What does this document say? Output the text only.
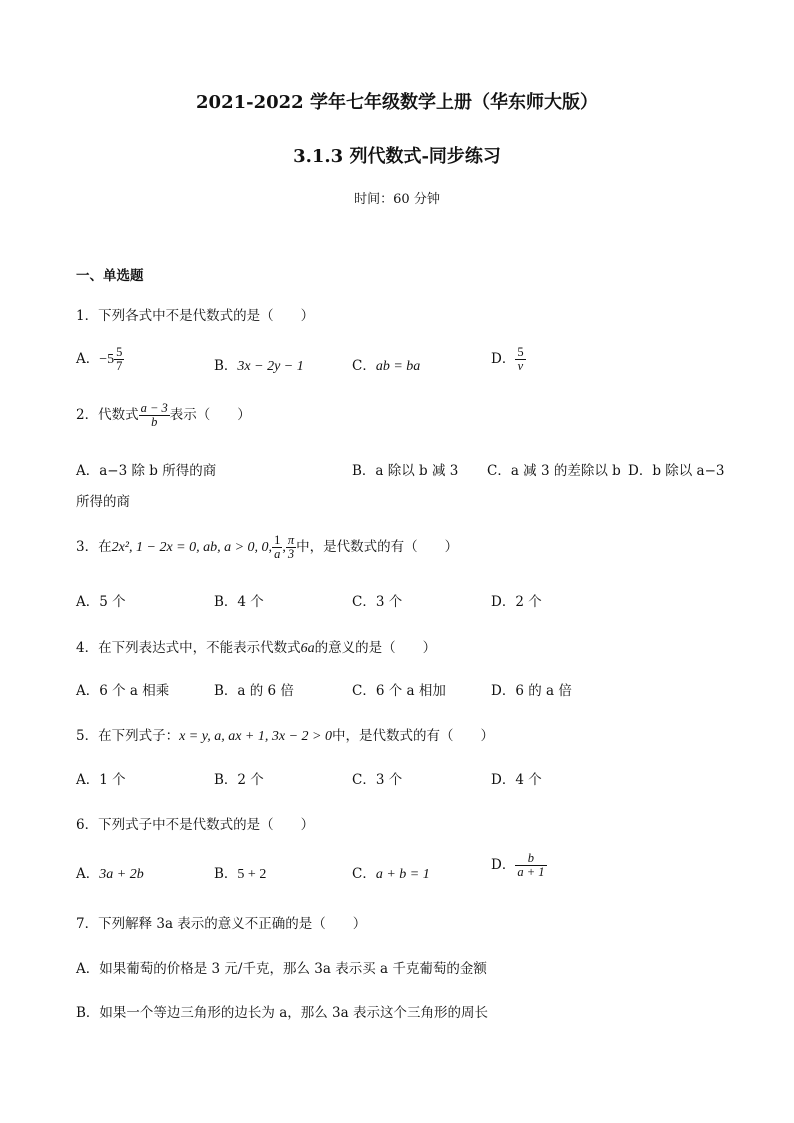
2021-2022 学年七年级数学上册（华东师大版）
3.1.3 列代数式-同步练习
时间：60 分钟
一、单选题
1．下列各式中不是代数式的是（　　）
A．$-5 \frac{5}{7}$	B．3x − 2y − 1	C．ab = ba	D． $\frac{5}{v}$
2．代数式 $\frac{a - 3}{b}$ 表示（　　）
A．a−3 除 b 所得的商	B．a 除以 b 减 3 C．a 减 3 的差除以 b D．b 除以 a−3
所得的商
3．在2x², 1 − 2x = 0, ab, a > 0, 0, $\frac{1}{a}$ , $\frac{\pi}{3}$ 中，是代数式的有（　　）
A．5 个	B．4 个	C．3 个	D．2 个
4．在下列表达式中，不能表示代数式6a的意义的是（　　）
A．6 个 a 相乘	B．a 的 6 倍	C．6 个 a 相加	D．6 的 a 倍
5．在下列式子：x = y, a, ax + 1, 3x − 2 > 0中，是代数式的有（　　）
A．1 个	B．2 个	C．3 个	D．4 个
6．下列式子中不是代数式的是（　　）
A．3a + 2b	B．5 + 2	C．a + b = 1
D． $\frac{b}{a + 1}$
7．下列解释 3a 表示的意义不正确的是（　　）
A．如果葡萄的价格是 3 元/千克，那么 3a 表示买 a 千克葡萄的金额
B．如果一个等边三角形的边长为 a，那么 3a 表示这个三角形的周长
